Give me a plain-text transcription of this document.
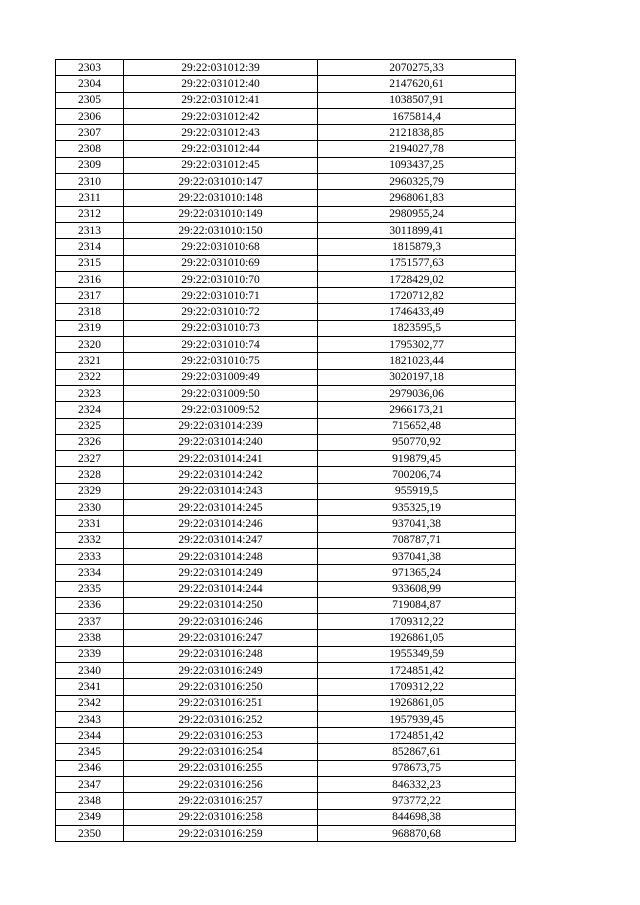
2303	29:22:031012:39	2070275,33
2304	29:22:031012:40	2147620,61
2305	29:22:031012:41	1038507,91
2306	29:22:031012:42	1675814,4
2307	29:22:031012:43	2121838,85
2308	29:22:031012:44	2194027,78
2309	29:22:031012:45	1093437,25
2310	29:22:031010:147	2960325,79
2311	29:22:031010:148	2968061,83
2312	29:22:031010:149	2980955,24
2313	29:22:031010:150	3011899,41
2314	29:22:031010:68	1815879,3
2315	29:22:031010:69	1751577,63
2316	29:22:031010:70	1728429,02
2317	29:22:031010:71	1720712,82
2318	29:22:031010:72	1746433,49
2319	29:22:031010:73	1823595,5
2320	29:22:031010:74	1795302,77
2321	29:22:031010:75	1821023,44
2322	29:22:031009:49	3020197,18
2323	29:22:031009:50	2979036,06
2324	29:22:031009:52	2966173,21
2325	29:22:031014:239	715652,48
2326	29:22:031014:240	950770,92
2327	29:22:031014:241	919879,45
2328	29:22:031014:242	700206,74
2329	29:22:031014:243	955919,5
2330	29:22:031014:245	935325,19
2331	29:22:031014:246	937041,38
2332	29:22:031014:247	708787,71
2333	29:22:031014:248	937041,38
2334	29:22:031014:249	971365,24
2335	29:22:031014:244	933608,99
2336	29:22:031014:250	719084,87
2337	29:22:031016:246	1709312,22
2338	29:22:031016:247	1926861,05
2339	29:22:031016:248	1955349,59
2340	29:22:031016:249	1724851,42
2341	29:22:031016:250	1709312,22
2342	29:22:031016:251	1926861,05
2343	29:22:031016:252	1957939,45
2344	29:22:031016:253	1724851,42
2345	29:22:031016:254	852867,61
2346	29:22:031016:255	978673,75
2347	29:22:031016:256	846332,23
2348	29:22:031016:257	973772,22
2349	29:22:031016:258	844698,38
2350	29:22:031016:259	968870,68
